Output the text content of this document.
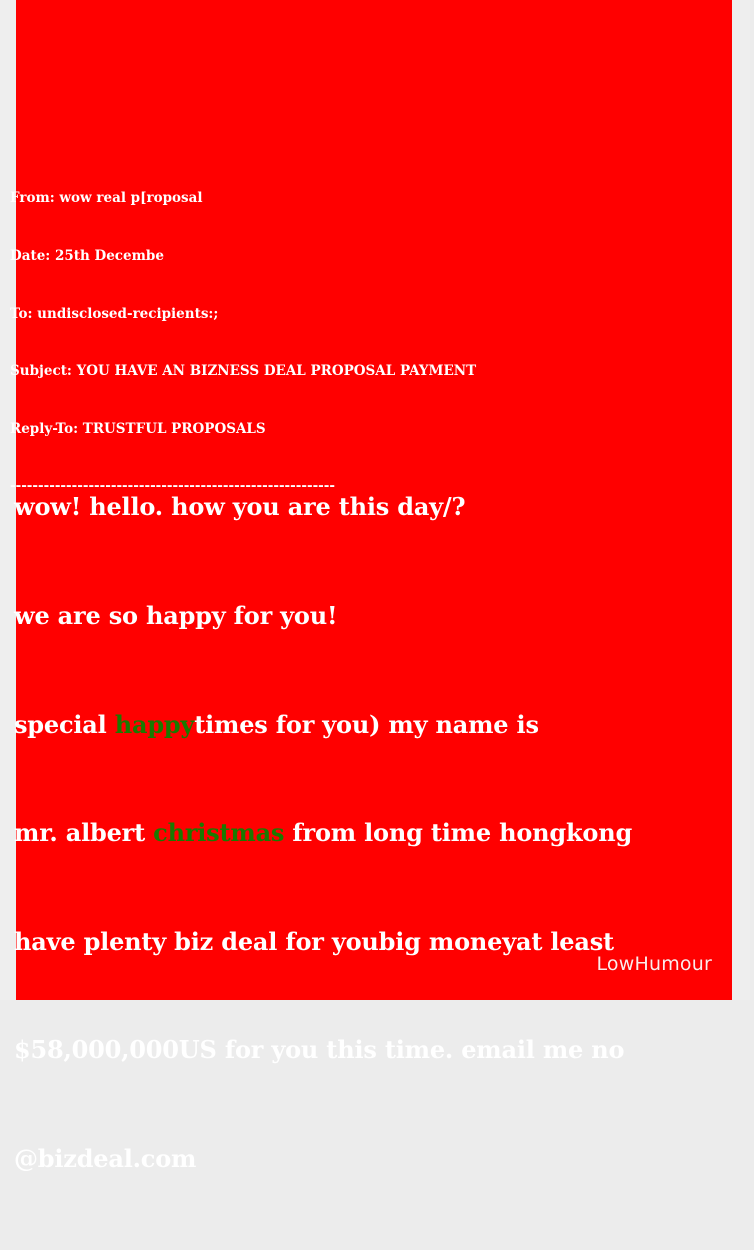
From: wow real p[roposal

Date: 25th Decembe

To: undisclosed-recipients:;

Subject: YOU HAVE AN BIZNESS DEAL PROPOSAL PAYMENT

Reply-To: TRUSTFUL PROPOSALS

----------------------------------------------------------

wow! hello. how you are this day/?

we are so happy for you!

special happytimes for you) my name is

mr. albert christmas from long time hongkong

have plenty biz deal for youbig moneyat least

$58,000,000US for you this time. email me no

@bizdeal.com

LowHumour
